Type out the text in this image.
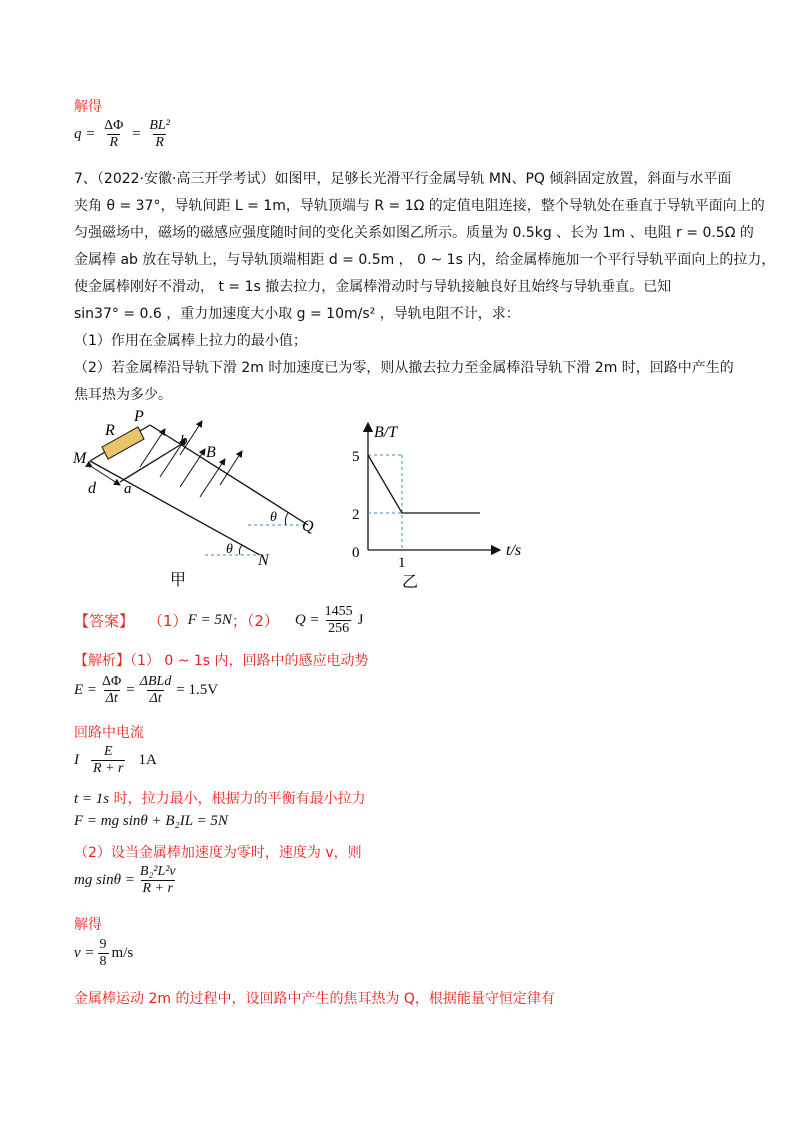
解得
$q = \frac{\Delta\Phi}{R} = \frac{\text{BL²}}{R}$
7、（2022·安徽·高三开学考试）如图甲，足够长光滑平行金属导轨 MN、PQ 倾斜固定放置，斜面与水平面
夹角 θ = 37°，导轨间距 L = 1m，导轨顶端与 R = 1Ω 的定值电阻连接，整个导轨处在垂直于导轨平面向上的
匀强磁场中，磁场的磁感应强度随时间的变化关系如图乙所示。质量为 0.5kg 、长为 1m 、电阻 r = 0.5Ω 的
金属棒 ab 放在导轨上，与导轨顶端相距 d = 0.5m ， 0 ~ 1s 内，给金属棒施加一个平行导轨平面向上的拉力，
使金属棒刚好不滑动， t = 1s 撤去拉力，金属棒滑动时与导轨接触良好且始终与导轨垂直。已知
sin37° = 0.6 ，重力加速度大小取 g = 10m/s² ，导轨电阻不计，求：
（1）作用在金属棒上拉力的最小值；
（2）若金属棒沿导轨下滑 2m 时加速度已为零，则从撤去拉力至金属棒沿导轨下滑 2m 时，回路中产生的
焦耳热为多少。
P
R
b
B
M
d a
θ
Q
θ
N
甲
B/T
t/s
5
2
0
1
乙
【答案】 （1） F = 5N ；（2） $Q = \frac{1455}{256}$ J
【解析】（1） 0 ~ 1s 内，回路中的感应电动势
$E = \frac{\Delta\Phi}{\Delta t} = \frac{\text{ΔBLd}}{\Delta t} = 1.5V$
回路中电流
I $\frac{E}{R + r} 1A$
t = 1s 时，拉力最小，根据力的平衡有最小拉力
F = mg sinθ + B₂IL = 5N
（2）设当金属棒加速度为零时，速度为 v，则
mg $\sin\theta = \frac{\text{B₂²L²v}}{R + r}$
解得
$v = \frac{9}{8} m/s$
金属棒运动 2m 的过程中，设回路中产生的焦耳热为 Q，根据能量守恒定律有
